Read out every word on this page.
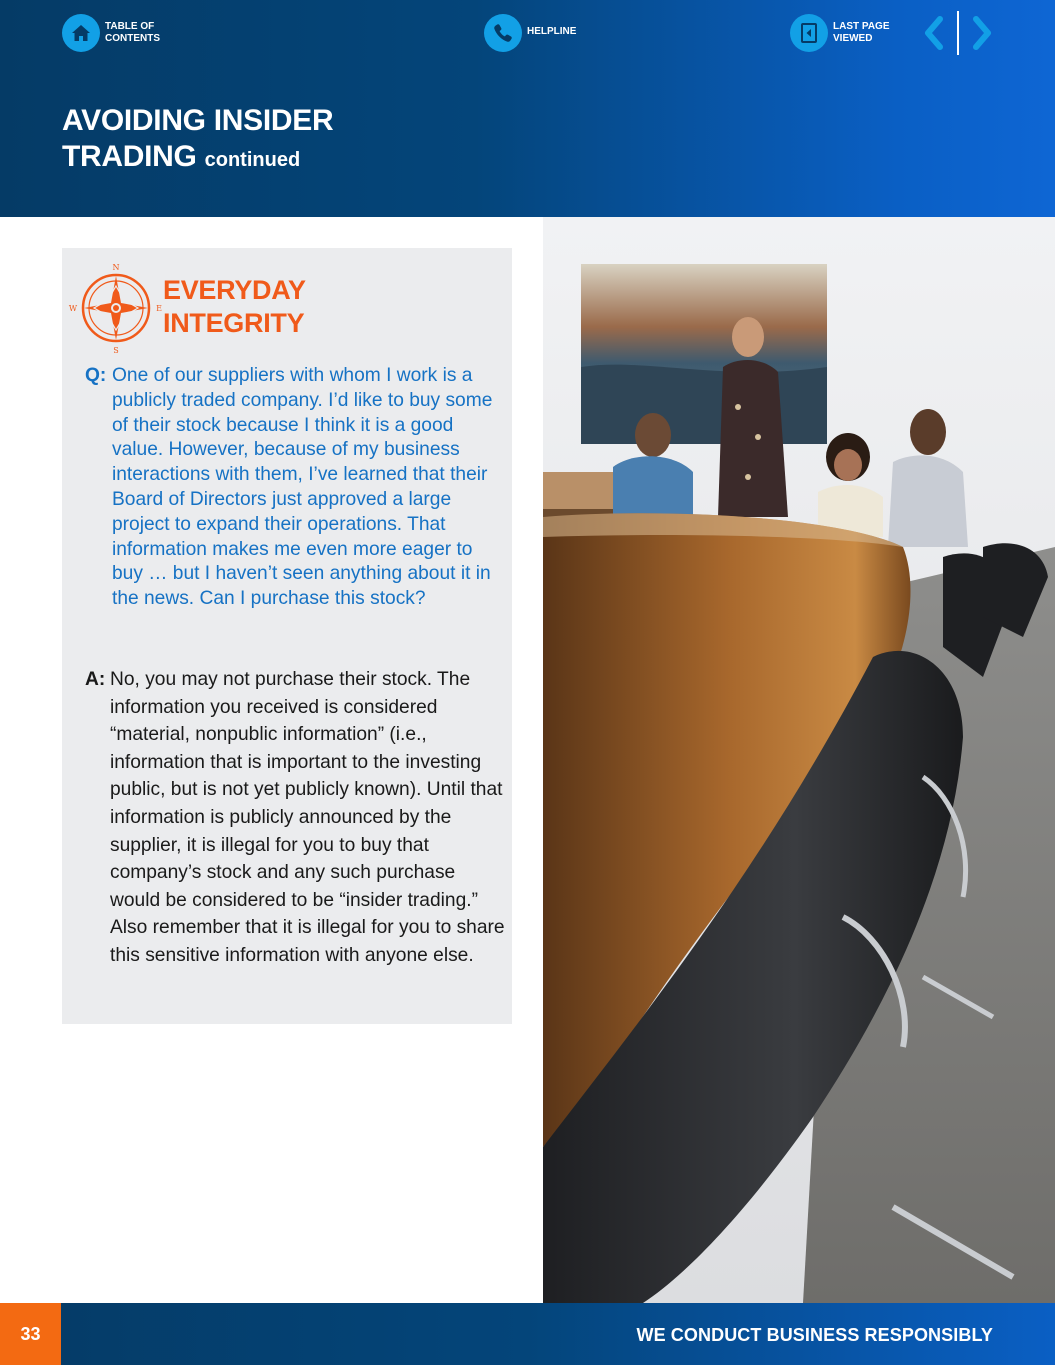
TABLE OF CONTENTS
HELPLINE	LAST PAGE VIEWED
AVOIDING INSIDER
TRADING continued
N
S
E
W
EVERYDAY
INTEGRITY
Q: One of our suppliers with whom I work is a publicly traded company. I’d like to buy some of their stock because I think it is a good value. However, because of my business interactions with them, I’ve learned that their Board of Directors just approved a large project to expand their operations. That information makes me even more eager to buy … but I haven’t seen anything about it in the news. Can I purchase this stock?

A: No, you may not purchase their stock. The information you received is considered “material, nonpublic information” (i.e., information that is important to the investing public, but is not yet publicly known). Until that information is publicly announced by the supplier, it is illegal for you to buy that company’s stock and any such purchase would be considered to be “insider trading.” Also remember that it is illegal for you to share this sensitive information with anyone else.

33	WE CONDUCT BUSINESS RESPONSIBLY
